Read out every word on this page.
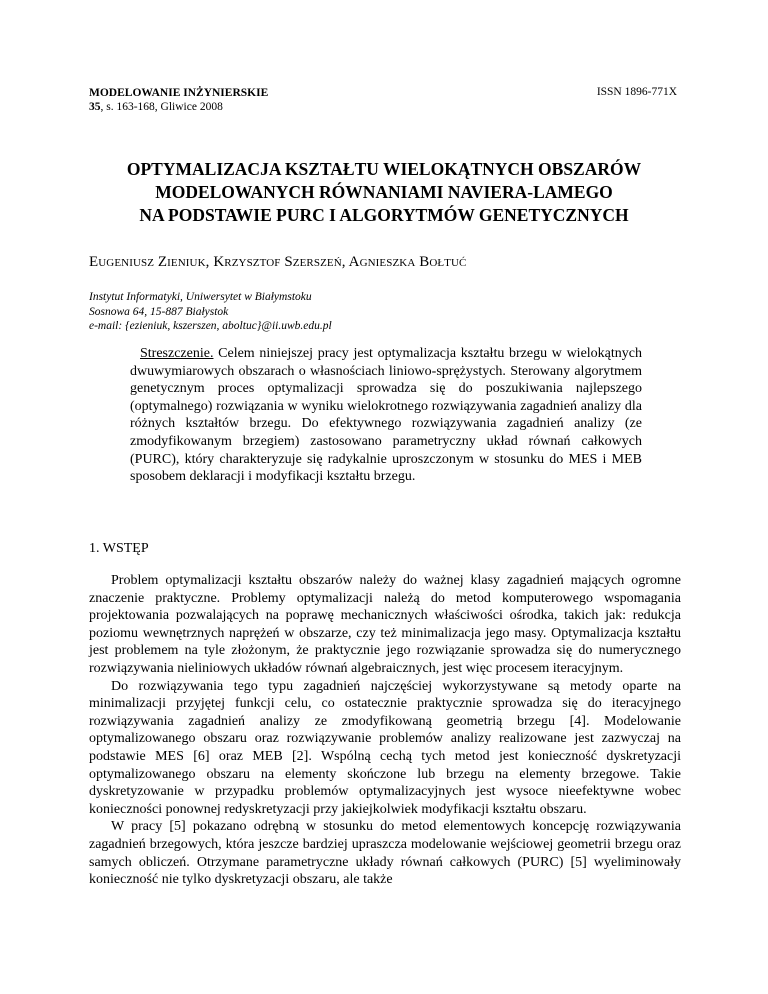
MODELOWANIE INŻYNIERSKIE
35, s. 163-168, Gliwice 2008
ISSN 1896-771X
OPTYMALIZACJA KSZTAŁTU WIELOKĄTNYCH OBSZARÓW
MODELOWANYCH RÓWNANIAMI NAVIERA-LAMEGO
NA PODSTAWIE PURC I ALGORYTMÓW GENETYCZNYCH
Eugeniusz Zieniuk, Krzysztof Szerszeń, Agnieszka Bołtuć
Instytut Informatyki, Uniwersytet w Białymstoku
Sosnowa 64, 15-887 Białystok
e-mail: {ezieniuk, kszerszen, aboltuc}@ii.uwb.edu.pl

Streszczenie. Celem niniejszej pracy jest optymalizacja kształtu brzegu w wielokątnych dwuwymiarowych obszarach o własnościach liniowo-sprężystych. Sterowany algorytmem genetycznym proces optymalizacji sprowadza się do poszukiwania najlepszego (optymalnego) rozwiązania w wyniku wielokrotnego rozwiązywania zagadnień analizy dla różnych kształtów brzegu. Do efektywnego rozwiązywania zagadnień analizy (ze zmodyfikowanym brzegiem) zastosowano parametryczny układ równań całkowych (PURC), który charakteryzuje się radykalnie uproszczonym w stosunku do MES i MEB sposobem deklaracji i modyfikacji kształtu brzegu.

1. WSTĘP

Problem optymalizacji kształtu obszarów należy do ważnej klasy zagadnień mających ogromne znaczenie praktyczne. Problemy optymalizacji należą do metod komputerowego wspomagania projektowania pozwalających na poprawę mechanicznych właściwości ośrodka, takich jak: redukcja poziomu wewnętrznych naprężeń w obszarze, czy też minimalizacja jego masy. Optymalizacja kształtu jest problemem na tyle złożonym, że praktycznie jego rozwiązanie sprowadza się do numerycznego rozwiązywania nieliniowych układów równań algebraicznych, jest więc procesem iteracyjnym.

Do rozwiązywania tego typu zagadnień najczęściej wykorzystywane są metody oparte na minimalizacji przyjętej funkcji celu, co ostatecznie praktycznie sprowadza się do iteracyjnego rozwiązywania zagadnień analizy ze zmodyfikowaną geometrią brzegu [4]. Modelowanie optymalizowanego obszaru oraz rozwiązywanie problemów analizy realizowane jest zazwyczaj na podstawie MES [6] oraz MEB [2]. Wspólną cechą tych metod jest konieczność dyskretyzacji optymalizowanego obszaru na elementy skończone lub brzegu na elementy brzegowe. Takie dyskretyzowanie w przypadku problemów optymalizacyjnych jest wysoce nieefektywne wobec konieczności ponownej redyskretyzacji przy jakiejkolwiek modyfikacji kształtu obszaru.

W pracy [5] pokazano odrębną w stosunku do metod elementowych koncepcję rozwiązywania zagadnień brzegowych, która jeszcze bardziej upraszcza modelowanie wejściowej geometrii brzegu oraz samych obliczeń. Otrzymane parametryczne układy równań całkowych (PURC) [5] wyeliminowały konieczność nie tylko dyskretyzacji obszaru, ale także
